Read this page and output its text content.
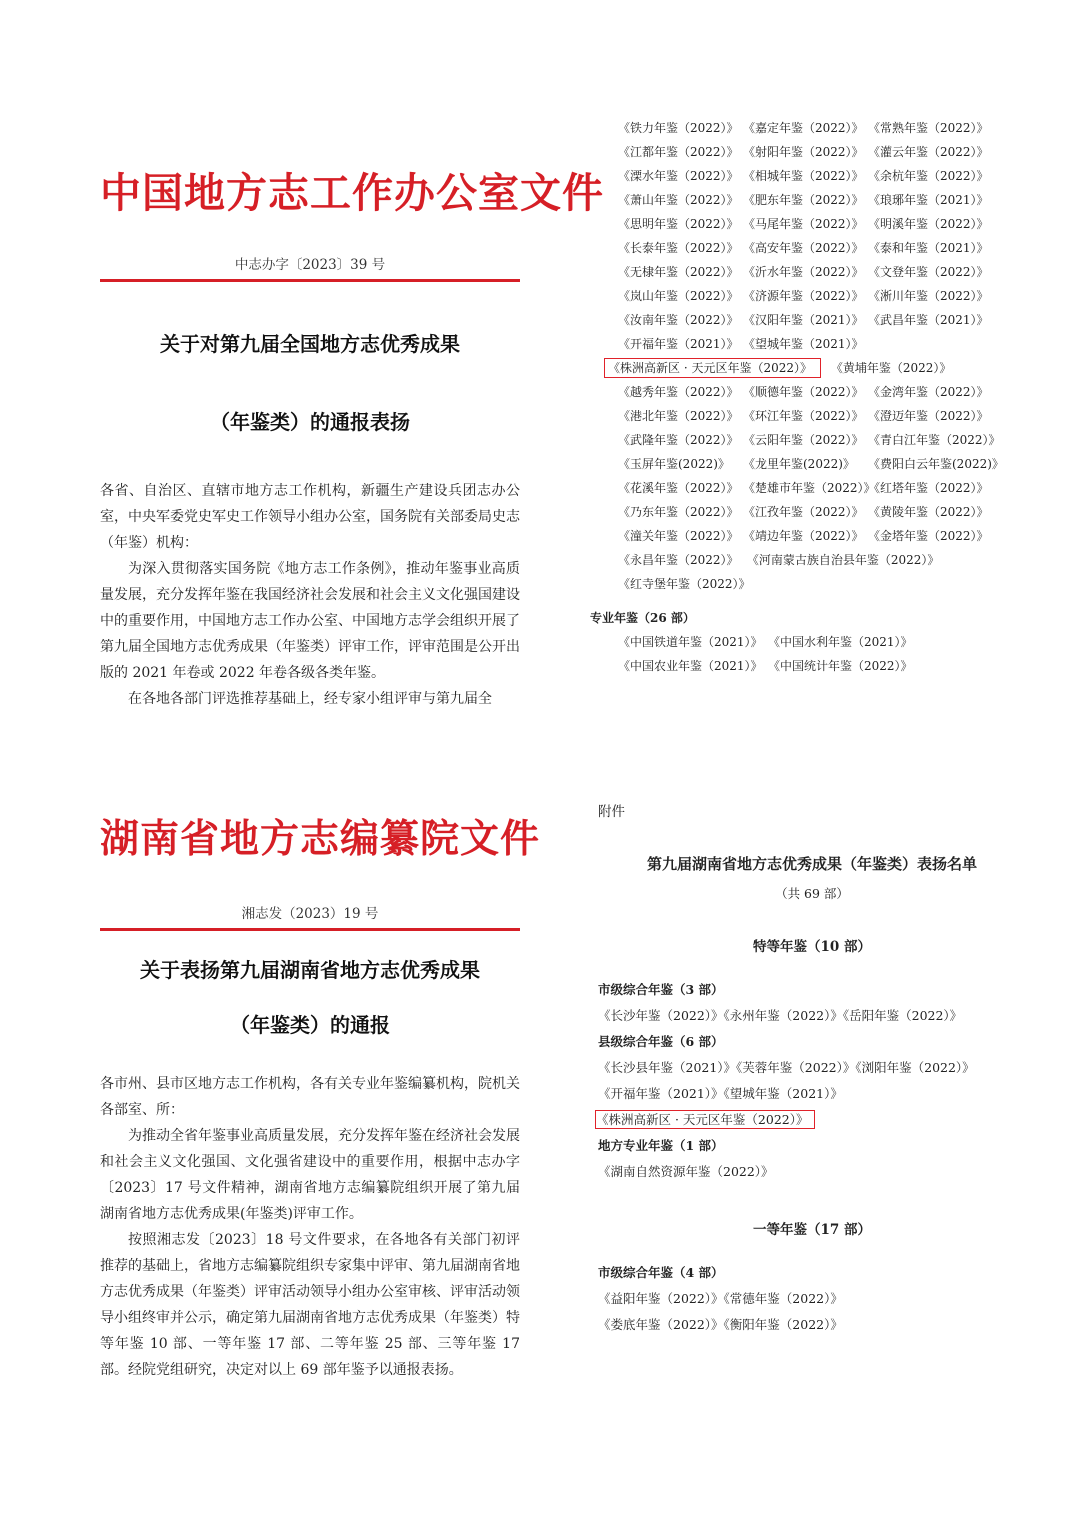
中国地方志工作办公室文件
中志办字〔2023〕39 号
关于对第九届全国地方志优秀成果
（年鉴类）的通报表扬

各省、自治区、直辖市地方志工作机构，新疆生产建设兵团志办公室，中央军委党史军史工作领导小组办公室，国务院有关部委局史志（年鉴）机构：

为深入贯彻落实国务院《地方志工作条例》，推动年鉴事业高质量发展，充分发挥年鉴在我国经济社会发展和社会主义文化强国建设中的重要作用，中国地方志工作办公室、中国地方志学会组织开展了第九届全国地方志优秀成果（年鉴类）评审工作，评审范围是公开出版的 2021 年卷或 2022 年卷各级各类年鉴。

在各地各部门评选推荐基础上，经专家小组评审与第九届全

《铁力年鉴（2022）》 《嘉定年鉴（2022）》 《常熟年鉴（2022）》
《江都年鉴（2022）》 《射阳年鉴（2022）》 《灌云年鉴（2022）》
《溧水年鉴（2022）》 《相城年鉴（2022）》 《余杭年鉴（2022）》
《萧山年鉴（2022）》 《肥东年鉴（2022）》 《琅琊年鉴（2021）》
《思明年鉴（2022）》 《马尾年鉴（2022）》 《明溪年鉴（2022）》
《长泰年鉴（2022）》 《高安年鉴（2022）》 《泰和年鉴（2021）》
《无棣年鉴（2022）》 《沂水年鉴（2022）》 《文登年鉴（2022）》
《岚山年鉴（2022）》 《济源年鉴（2022）》 《淅川年鉴（2022）》
《汝南年鉴（2022）》 《汉阳年鉴（2021）》 《武昌年鉴（2021）》
《开福年鉴（2021）》 《望城年鉴（2021）》
《株洲高新区 · 天元区年鉴（2022）》 《黄埔年鉴（2022）》
《越秀年鉴（2022）》 《顺德年鉴（2022）》 《金湾年鉴（2022）》
《港北年鉴（2022）》 《环江年鉴（2022）》 《澄迈年鉴（2022）》
《武隆年鉴（2022）》 《云阳年鉴（2022）》 《青白江年鉴（2022）》
《玉屏年鉴(2022)》 《龙里年鉴(2022)》 《费阳白云年鉴(2022)》
《花溪年鉴（2022）》 《楚雄市年鉴（2022）》《红塔年鉴（2022）》
《乃东年鉴（2022）》 《江孜年鉴（2022）》 《黄陵年鉴（2022）》
《潼关年鉴（2022）》 《靖边年鉴（2022）》 《金塔年鉴（2022）》
《永昌年鉴（2022）》 《河南蒙古族自治县年鉴（2022）》
《红寺堡年鉴（2022）》
专业年鉴（26 部）
《中国铁道年鉴（2021）》 《中国水利年鉴（2021）》
《中国农业年鉴（2021）》 《中国统计年鉴（2022）》
湖南省地方志编纂院文件
湘志发（2023）19 号
关于表扬第九届湖南省地方志优秀成果
（年鉴类）的通报

各市州、县市区地方志工作机构，各有关专业年鉴编纂机构，院机关各部室、所：

为推动全省年鉴事业高质量发展，充分发挥年鉴在经济社会发展和社会主义文化强国、文化强省建设中的重要作用，根据中志办字〔2023〕17 号文件精神，湖南省地方志编纂院组织开展了第九届湖南省地方志优秀成果(年鉴类)评审工作。

按照湘志发〔2023〕18 号文件要求，在各地各有关部门初评推荐的基础上，省地方志编纂院组织专家集中评审、第九届湖南省地方志优秀成果（年鉴类）评审活动领导小组办公室审核、评审活动领导小组终审并公示，确定第九届湖南省地方志优秀成果（年鉴类）特等年鉴 10 部、一等年鉴 17 部、二等年鉴 25 部、三等年鉴 17 部。经院党组研究，决定对以上 69 部年鉴予以通报表扬。

附件
第九届湖南省地方志优秀成果（年鉴类）表扬名单
（共 69 部）
特等年鉴（10 部）
市级综合年鉴（3 部）
《长沙年鉴（2022）》《永州年鉴（2022）》《岳阳年鉴（2022）》
县级综合年鉴（6 部）
《长沙县年鉴（2021）》《芙蓉年鉴（2022）》《浏阳年鉴（2022）》
《开福年鉴（2021）》《望城年鉴（2021）》
《株洲高新区 · 天元区年鉴（2022）》
地方专业年鉴（1 部）
《湖南自然资源年鉴（2022）》
一等年鉴（17 部）
市级综合年鉴（4 部）
《益阳年鉴（2022）》《常德年鉴（2022）》
《娄底年鉴（2022）》《衡阳年鉴（2022）》
